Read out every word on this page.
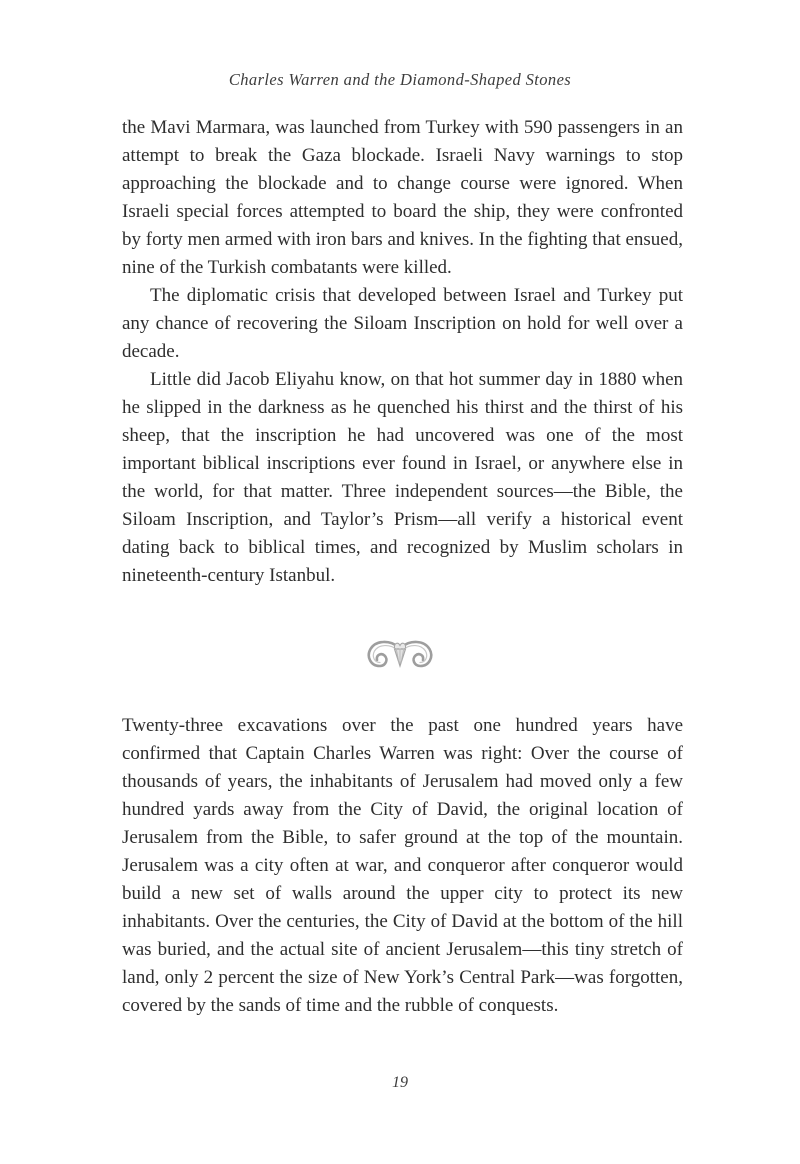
Charles Warren and the Diamond-Shaped Stones

the Mavi Marmara, was launched from Turkey with 590 passengers in an attempt to break the Gaza blockade. Israeli Navy warnings to stop approaching the blockade and to change course were ignored. When Israeli special forces attempted to board the ship, they were confronted by forty men armed with iron bars and knives. In the fighting that ensued, nine of the Turkish combatants were killed.

The diplomatic crisis that developed between Israel and Turkey put any chance of recovering the Siloam Inscription on hold for well over a decade.

Little did Jacob Eliyahu know, on that hot summer day in 1880 when he slipped in the darkness as he quenched his thirst and the thirst of his sheep, that the inscription he had uncovered was one of the most important biblical inscriptions ever found in Israel, or anywhere else in the world, for that matter. Three independent sources—the Bible, the Siloam Inscription, and Taylor’s Prism—all verify a historical event dating back to biblical times, and recognized by Muslim scholars in nineteenth-century Istanbul.

Twenty-three excavations over the past one hundred years have confirmed that Captain Charles Warren was right: Over the course of thousands of years, the inhabitants of Jerusalem had moved only a few hundred yards away from the City of David, the original location of Jerusalem from the Bible, to safer ground at the top of the mountain. Jerusalem was a city often at war, and conqueror after conqueror would build a new set of walls around the upper city to protect its new inhabitants. Over the centuries, the City of David at the bottom of the hill was buried, and the actual site of ancient Jerusalem—this tiny stretch of land, only 2 percent the size of New York’s Central Park—was forgotten, covered by the sands of time and the rubble of conquests.

19
